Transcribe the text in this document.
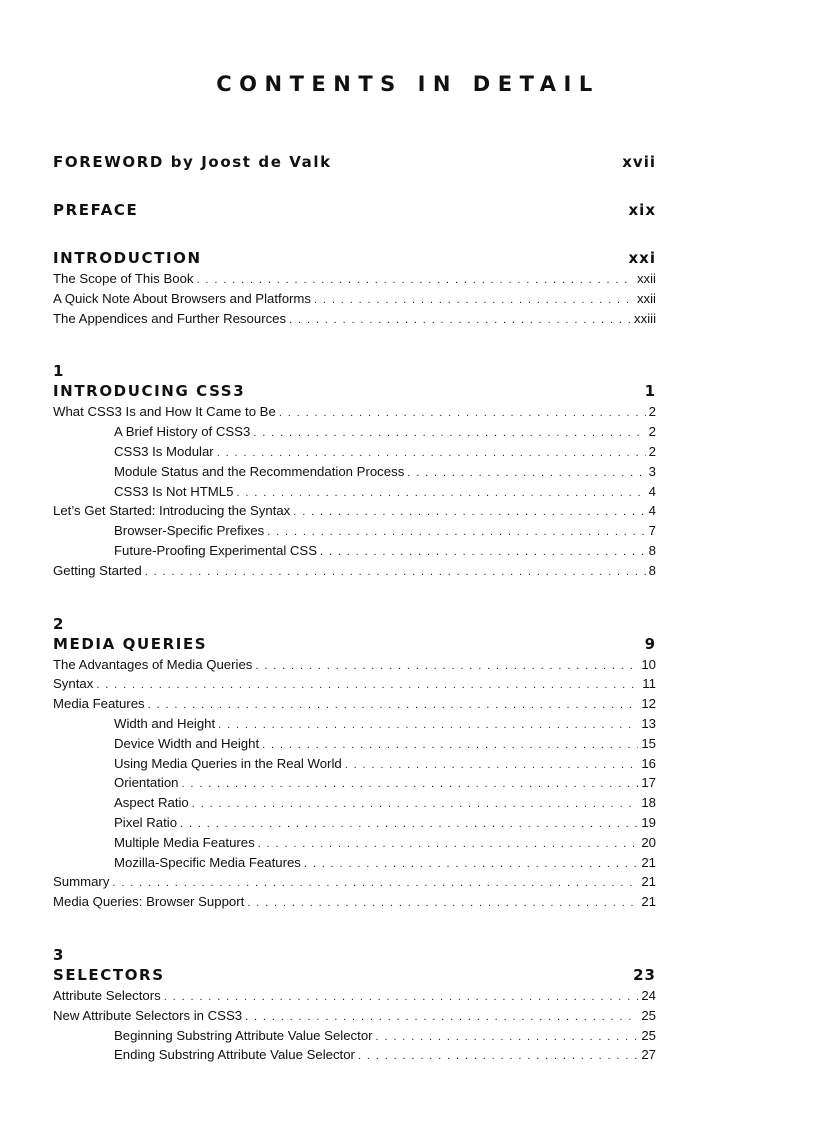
CONTENTS IN DETAIL
FOREWORD by Joost de Valk	xvii
PREFACE	xix
INTRODUCTION	xxi
The Scope of This Book . . .	xxii
A Quick Note About Browsers and Platforms . . .	xxii
The Appendices and Further Resources . . .	xxiii
1
INTRODUCING CSS3	1
What CSS3 Is and How It Came to Be . . .	2
A Brief History of CSS3 . . .	2
CSS3 Is Modular . . .	2
Module Status and the Recommendation Process . . .	3
CSS3 Is Not HTML5 . . .	4
Let’s Get Started: Introducing the Syntax . . .	4
Browser-Specific Prefixes . . .	7
Future-Proofing Experimental CSS . . .	8
Getting Started . . .	8
2
MEDIA QUERIES	9
The Advantages of Media Queries . . .	10
Syntax . . .	11
Media Features . . .	12
Width and Height . . .	13
Device Width and Height . . .	15
Using Media Queries in the Real World . . .	16
Orientation . . .	17
Aspect Ratio . . .	18
Pixel Ratio . . .	19
Multiple Media Features . . .	20
Mozilla-Specific Media Features . . .	21
Summary . . .	21
Media Queries: Browser Support . . .	21
3
SELECTORS	23
Attribute Selectors . . .	24
New Attribute Selectors in CSS3 . . .	25
Beginning Substring Attribute Value Selector . . .	25
Ending Substring Attribute Value Selector . . .	27
